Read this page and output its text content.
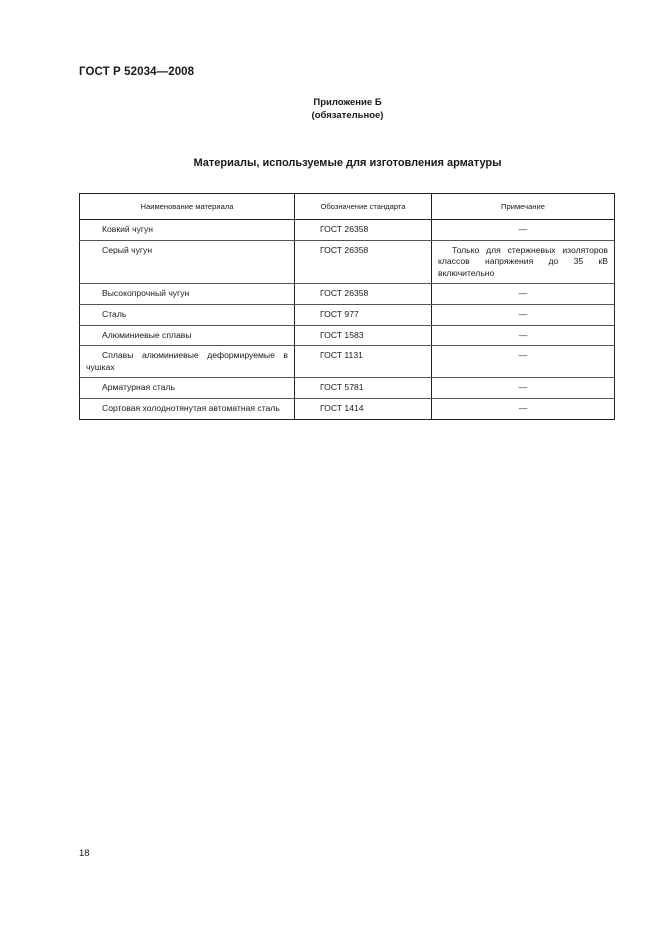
ГОСТ Р 52034—2008
Приложение Б
(обязательное)
Материалы, используемые для изготовления арматуры
Наименование материала	Обозначение стандарта	Примечание
Ковкий чугун	ГОСТ 26358	—
Серый чугун	ГОСТ 26358	Только для стержневых изоляторов классов напряжения до 35 кВ включительно
Высокопрочный чугун	ГОСТ 26358	—
Сталь	ГОСТ 977	—
Алюминиевые сплавы	ГОСТ 1583	—
Сплавы алюминиевые деформируемые в чушках	ГОСТ 1131	—
Арматурная сталь	ГОСТ 5781	—
Сортовая холоднотянутая автоматная сталь	ГОСТ 1414	—
18
